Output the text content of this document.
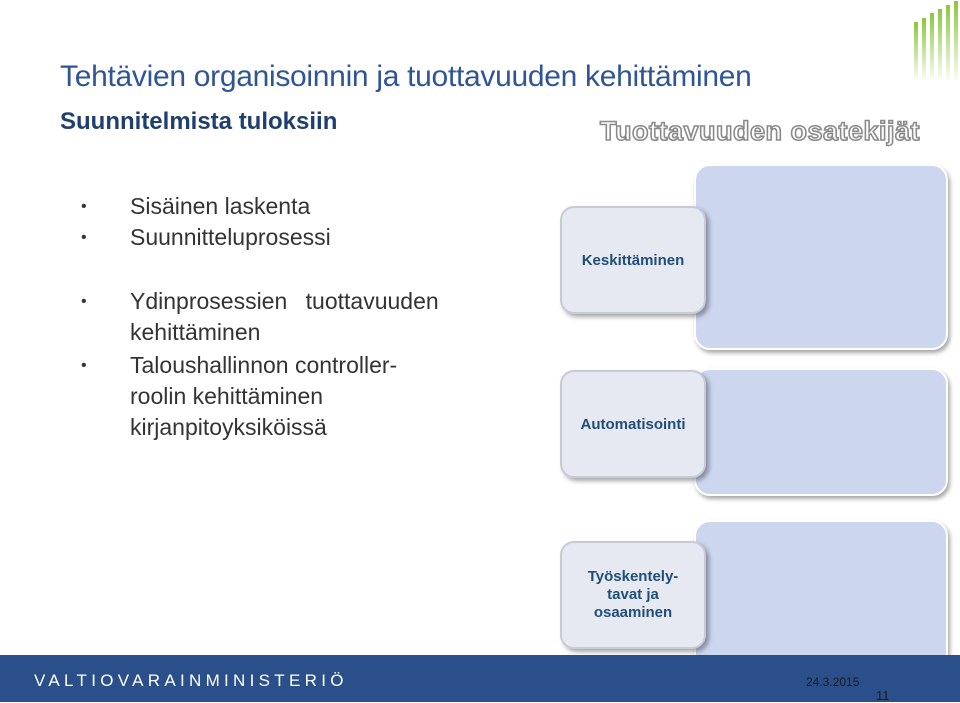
Tehtävien organisoinnin ja tuottavuuden kehittäminen
Suunnitelmista tuloksiin	Tuottavuuden osatekijät
• Sisäinen laskenta
• Suunnitteluprosessi
• Ydinprosessien tuottavuuden
kehittäminen
• Taloushallinnon controller-
roolin kehittäminen
kirjanpitoyksiköissä
Keskittäminen
Automatisointi
Työskentely-
tavat ja
osaaminen
VALTIOVARAINMINISTERIÖ	24.3.2015
11
